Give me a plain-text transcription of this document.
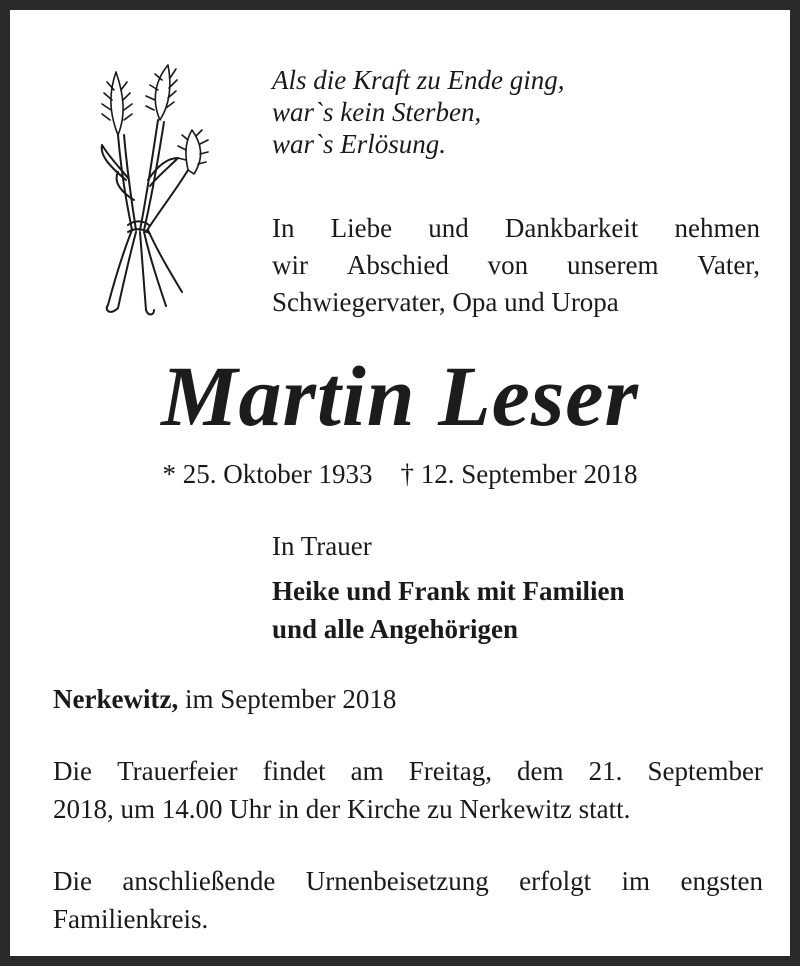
Als die Kraft zu Ende ging,
war`s kein Sterben,
war`s Erlösung.
In Liebe und Dankbarkeit nehmen
wir Abschied von unserem Vater,
Schwiegervater, Opa und Uropa
Martin Leser
* 25. Oktober 1933 † 12. September 2018
In Trauer
Heike und Frank mit Familien
und alle Angehörigen
Nerkewitz, im September 2018
Die Trauerfeier findet am Freitag, dem 21. September
2018, um 14.00 Uhr in der Kirche zu Nerkewitz statt.
Die anschließende Urnenbeisetzung erfolgt im engsten
Familienkreis.
